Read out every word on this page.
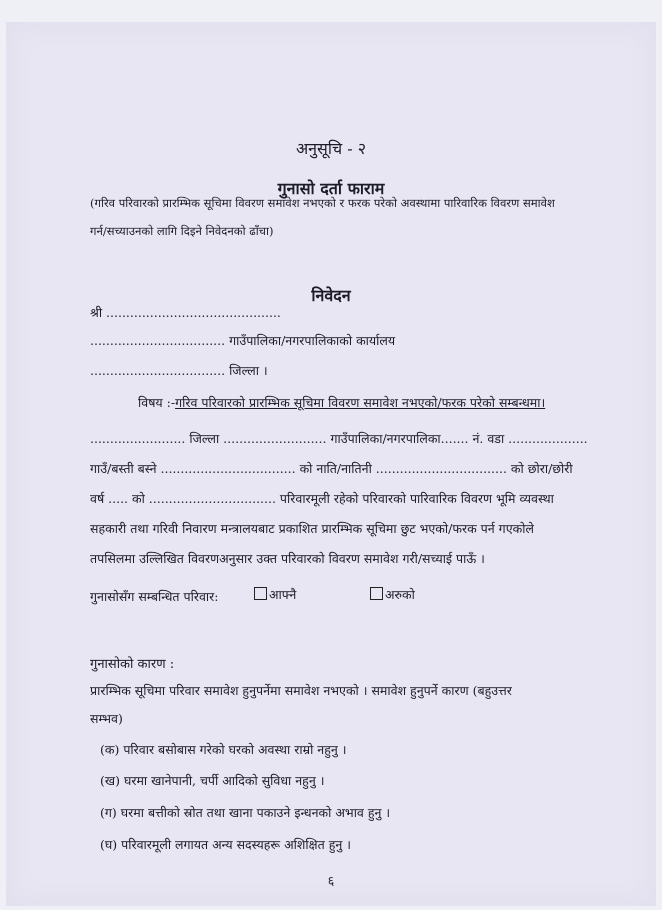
अनुसूचि - २
गुनासो दर्ता फाराम
(गरिव परिवारको प्रारम्भिक सूचिमा विवरण समावेश नभएको र फरक परेको अवस्थामा पारिवारिक विवरण समावेश
गर्न/सच्याउनको लागि दिइने निवेदनको ढाँचा)
निवेदन
श्री ............................................
.................................. गाउँपालिका/नगरपालिकाको कार्यालय
.................................. जिल्ला ।
विषय :-गरिव परिवारको प्रारम्भिक सूचिमा विवरण समावेश नभएको/फरक परेको सम्बन्धमा।
........................ जिल्ला .......................... गाउँपालिका/नगरपालिका....... नं. वडा ....................
गाउँ/बस्ती बस्ने .................................. को नाति/नातिनी ................................. को छोरा/छोरी
वर्ष ..... को ................................ परिवारमूली रहेको परिवारको पारिवारिक विवरण भूमि व्यवस्था
सहकारी तथा गरिवी निवारण मन्त्रालयबाट प्रकाशित प्रारम्भिक सूचिमा छुट भएको/फरक पर्न गएकोले
तपसिलमा उल्लिखित विवरणअनुसार उक्त परिवारको विवरण समावेश गरी/सच्याई पाऊँ ।
गुनासोसँग सम्बन्धित परिवार:	आफ्नै	अरुको
गुनासोको कारण :
प्रारम्भिक सूचिमा परिवार समावेश हुनुपर्नेमा समावेश नभएको । समावेश हुनुपर्ने कारण (बहुउत्तर
सम्भव)
(क) परिवार बसोबास गरेको घरको अवस्था राम्रो नहुनु ।
(ख) घरमा खानेपानी, चर्पी आदिको सुविधा नहुनु ।
(ग) घरमा बत्तीको स्रोत तथा खाना पकाउने इन्धनको अभाव हुनु ।
(घ) परिवारमूली लगायत अन्य सदस्यहरू अशिक्षित हुनु ।
६
